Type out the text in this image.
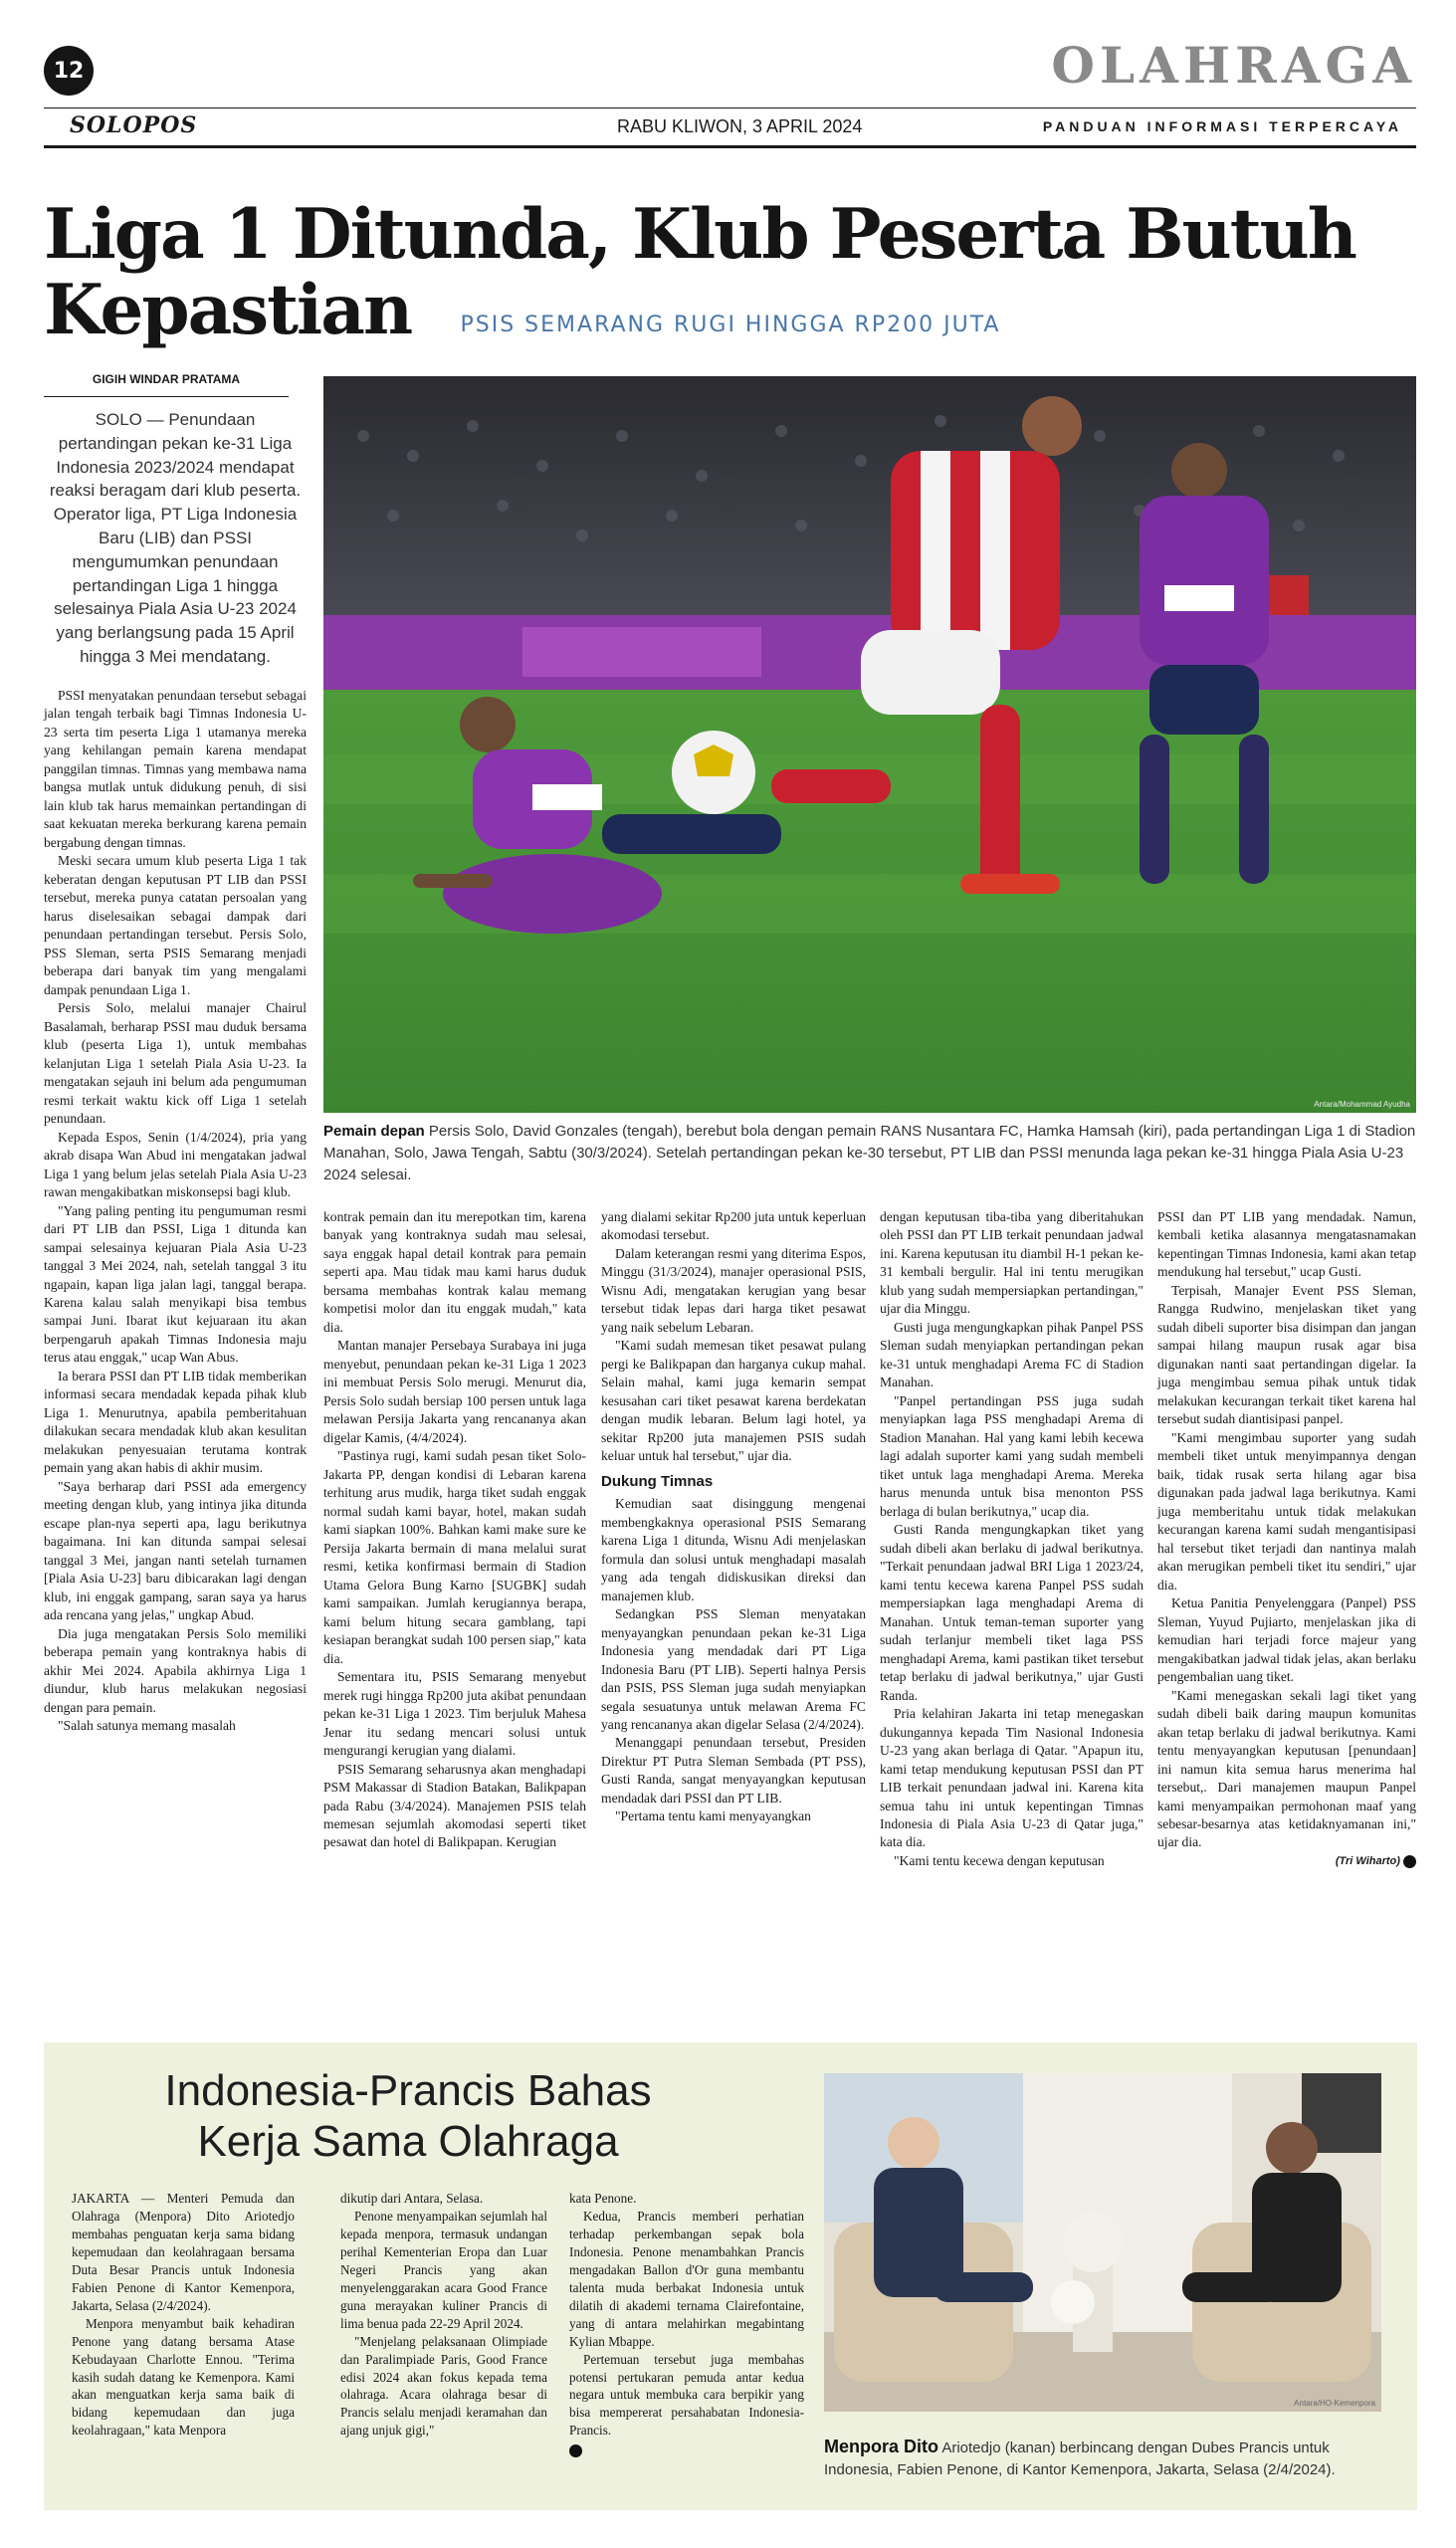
12	OLAHRAGA
SOLOPOS	RABU KLIWON, 3 APRIL 2024	PANDUAN INFORMASI TERPERCAYA
Liga 1 Ditunda, Klub Peserta Butuh Kepastian	PSIS SEMARANG RUGI HINGGA RP200 JUTA
GIGIH WINDAR PRATAMA
SOLO — Penundaan pertandingan pekan ke-31 Liga Indonesia 2023/2024 mendapat reaksi beragam dari klub peserta. Operator liga, PT Liga Indonesia Baru (LIB) dan PSSI mengumumkan penundaan pertandingan Liga 1 hingga selesainya Piala Asia U-23 2024 yang berlangsung pada 15 April hingga 3 Mei mendatang.
Antara/Mohammad Ayudha
Pemain depan Persis Solo, David Gonzales (tengah), berebut bola dengan pemain RANS Nusantara FC, Hamka Hamsah (kiri), pada pertandingan Liga 1 di Stadion Manahan, Solo, Jawa Tengah, Sabtu (30/3/2024). Setelah pertandingan pekan ke-30 tersebut, PT LIB dan PSSI menunda laga pekan ke-31 hingga Piala Asia U-23 2024 selesai.

PSSI menyatakan penundaan tersebut sebagai jalan tengah terbaik bagi Timnas Indonesia U-23 serta tim peserta Liga 1 utamanya mereka yang kehilangan pemain karena mendapat panggilan timnas. Timnas yang membawa nama bangsa mutlak untuk didukung penuh, di sisi lain klub tak harus memainkan pertandingan di saat kekuatan mereka berkurang karena pemain bergabung dengan timnas.

Meski secara umum klub peserta Liga 1 tak keberatan dengan keputusan PT LIB dan PSSI tersebut, mereka punya catatan persoalan yang harus diselesaikan sebagai dampak dari penundaan pertandingan tersebut. Persis Solo, PSS Sleman, serta PSIS Semarang menjadi beberapa dari banyak tim yang mengalami dampak penundaan Liga 1.

Persis Solo, melalui manajer Chairul Basalamah, berharap PSSI mau duduk bersama klub (peserta Liga 1), untuk membahas kelanjutan Liga 1 setelah Piala Asia U-23. Ia mengatakan sejauh ini belum ada pengumuman resmi terkait waktu kick off Liga 1 setelah penundaan.

Kepada Espos, Senin (1/4/2024), pria yang akrab disapa Wan Abud ini mengatakan jadwal Liga 1 yang belum jelas setelah Piala Asia U-23 rawan mengakibatkan miskonsepsi bagi klub.

"Yang paling penting itu pengumuman resmi dari PT LIB dan PSSI, Liga 1 ditunda kan sampai selesainya kejuaran Piala Asia U-23 tanggal 3 Mei 2024, nah, setelah tanggal 3 itu ngapain, kapan liga jalan lagi, tanggal berapa. Karena kalau salah menyikapi bisa tembus sampai Juni. Ibarat ikut kejuaraan itu akan berpengaruh apakah Timnas Indonesia maju terus atau enggak," ucap Wan Abus.

Ia berara PSSI dan PT LIB tidak memberikan informasi secara mendadak kepada pihak klub Liga 1. Menurutnya, apabila pemberitahuan dilakukan secara mendadak klub akan kesulitan melakukan penyesuaian terutama kontrak pemain yang akan habis di akhir musim.

"Saya berharap dari PSSI ada emergency meeting dengan klub, yang intinya jika ditunda escape plan-nya seperti apa, lagu berikutnya bagaimana. Ini kan ditunda sampai selesai tanggal 3 Mei, jangan nanti setelah turnamen [Piala Asia U-23] baru dibicarakan lagi dengan klub, ini enggak gampang, saran saya ya harus ada rencana yang jelas," ungkap Abud.

Dia juga mengatakan Persis Solo memiliki beberapa pemain yang kontraknya habis di akhir Mei 2024. Apabila akhirnya Liga 1 diundur, klub harus melakukan negosiasi dengan para pemain.

"Salah satunya memang masalah

kontrak pemain dan itu merepotkan tim, karena banyak yang kontraknya sudah mau selesai, saya enggak hapal detail kontrak para pemain seperti apa. Mau tidak mau kami harus duduk bersama membahas kontrak kalau memang kompetisi molor dan itu enggak mudah," kata dia.

Mantan manajer Persebaya Surabaya ini juga menyebut, penundaan pekan ke-31 Liga 1 2023 ini membuat Persis Solo merugi. Menurut dia, Persis Solo sudah bersiap 100 persen untuk laga melawan Persija Jakarta yang rencananya akan digelar Kamis, (4/4/2024).

"Pastinya rugi, kami sudah pesan tiket Solo-Jakarta PP, dengan kondisi di Lebaran karena terhitung arus mudik, harga tiket sudah enggak normal sudah kami bayar, hotel, makan sudah kami siapkan 100%. Bahkan kami make sure ke Persija Jakarta bermain di mana melalui surat resmi, ketika konfirmasi bermain di Stadion Utama Gelora Bung Karno [SUGBK] sudah kami sampaikan. Jumlah kerugiannya berapa, kami belum hitung secara gamblang, tapi kesiapan berangkat sudah 100 persen siap," kata dia.

Sementara itu, PSIS Semarang menyebut merek rugi hingga Rp200 juta akibat penundaan pekan ke-31 Liga 1 2023. Tim berjuluk Mahesa Jenar itu sedang mencari solusi untuk mengurangi kerugian yang dialami.

PSIS Semarang seharusnya akan menghadapi PSM Makassar di Stadion Batakan, Balikpapan pada Rabu (3/4/2024). Manajemen PSIS telah memesan sejumlah akomodasi seperti tiket pesawat dan hotel di Balikpapan. Kerugian

yang dialami sekitar Rp200 juta untuk keperluan akomodasi tersebut.

Dalam keterangan resmi yang diterima Espos, Minggu (31/3/2024), manajer operasional PSIS, Wisnu Adi, mengatakan kerugian yang besar tersebut tidak lepas dari harga tiket pesawat yang naik sebelum Lebaran.

"Kami sudah memesan tiket pesawat pulang pergi ke Balikpapan dan harganya cukup mahal. Selain mahal, kami juga kemarin sempat kesusahan cari tiket pesawat karena berdekatan dengan mudik lebaran. Belum lagi hotel, ya sekitar Rp200 juta manajemen PSIS sudah keluar untuk hal tersebut," ujar dia.

Dukung Timnas

Kemudian saat disinggung mengenai membengkaknya operasional PSIS Semarang karena Liga 1 ditunda, Wisnu Adi menjelaskan formula dan solusi untuk menghadapi masalah yang ada tengah didiskusikan direksi dan manajemen klub.

Sedangkan PSS Sleman menyatakan menyayangkan penundaan pekan ke-31 Liga Indonesia yang mendadak dari PT Liga Indonesia Baru (PT LIB). Seperti halnya Persis dan PSIS, PSS Sleman juga sudah menyiapkan segala sesuatunya untuk melawan Arema FC yang rencananya akan digelar Selasa (2/4/2024).

Menanggapi penundaan tersebut, Presiden Direktur PT Putra Sleman Sembada (PT PSS), Gusti Randa, sangat menyayangkan keputusan mendadak dari PSSI dan PT LIB.

"Pertama tentu kami menyayangkan

dengan keputusan tiba-tiba yang diberitahukan oleh PSSI dan PT LIB terkait penundaan jadwal ini. Karena keputusan itu diambil H-1 pekan ke-31 kembali bergulir. Hal ini tentu merugikan klub yang sudah mempersiapkan pertandingan," ujar dia Minggu.

Gusti juga mengungkapkan pihak Panpel PSS Sleman sudah menyiapkan pertandingan pekan ke-31 untuk menghadapi Arema FC di Stadion Manahan.

"Panpel pertandingan PSS juga sudah menyiapkan laga PSS menghadapi Arema di Stadion Manahan. Hal yang kami lebih kecewa lagi adalah suporter kami yang sudah membeli tiket untuk laga menghadapi Arema. Mereka harus menunda untuk bisa menonton PSS berlaga di bulan berikutnya," ucap dia.

Gusti Randa mengungkapkan tiket yang sudah dibeli akan berlaku di jadwal berikutnya. "Terkait penundaan jadwal BRI Liga 1 2023/24, kami tentu kecewa karena Panpel PSS sudah mempersiapkan laga menghadapi Arema di Manahan. Untuk teman-teman suporter yang sudah terlanjur membeli tiket laga PSS menghadapi Arema, kami pastikan tiket tersebut tetap berlaku di jadwal berikutnya," ujar Gusti Randa.

Pria kelahiran Jakarta ini tetap menegaskan dukungannya kepada Tim Nasional Indonesia U-23 yang akan berlaga di Qatar. "Apapun itu, kami tetap mendukung keputusan PSSI dan PT LIB terkait penundaan jadwal ini. Karena kita semua tahu ini untuk kepentingan Timnas Indonesia di Piala Asia U-23 di Qatar juga," kata dia.

"Kami tentu kecewa dengan keputusan

PSSI dan PT LIB yang mendadak. Namun, kembali ketika alasannya mengatasnamakan kepentingan Timnas Indonesia, kami akan tetap mendukung hal tersebut," ucap Gusti.

Terpisah, Manajer Event PSS Sleman, Rangga Rudwino, menjelaskan tiket yang sudah dibeli suporter bisa disimpan dan jangan sampai hilang maupun rusak agar bisa digunakan nanti saat pertandingan digelar. Ia juga mengimbau semua pihak untuk tidak melakukan kecurangan terkait tiket karena hal tersebut sudah diantisipasi panpel.

"Kami mengimbau suporter yang sudah membeli tiket untuk menyimpannya dengan baik, tidak rusak serta hilang agar bisa digunakan pada jadwal laga berikutnya. Kami juga memberitahu untuk tidak melakukan kecurangan karena kami sudah mengantisipasi hal tersebut tiket terjadi dan nantinya malah akan merugikan pembeli tiket itu sendiri," ujar dia.

Ketua Panitia Penyelenggara (Panpel) PSS Sleman, Yuyud Pujiarto, menjelaskan jika di kemudian hari terjadi force majeur yang mengakibatkan jadwal tidak jelas, akan berlaku pengembalian uang tiket.

"Kami menegaskan sekali lagi tiket yang sudah dibeli baik daring maupun komunitas akan tetap berlaku di jadwal berikutnya. Kami tentu menyayangkan keputusan [penundaan] ini namun kita semua harus menerima hal tersebut,. Dari manajemen maupun Panpel kami menyampaikan permohonan maaf yang sebesar-besarnya atas ketidaknyamanan ini," ujar dia.

(Tri Wiharto)

Indonesia-Prancis Bahas Kerja Sama Olahraga

JAKARTA — Menteri Pemuda dan Olahraga (Menpora) Dito Ariotedjo membahas penguatan kerja sama bidang kepemudaan dan keolahragaan bersama Duta Besar Prancis untuk Indonesia Fabien Penone di Kantor Kemenpora, Jakarta, Selasa (2/4/2024).

Menpora menyambut baik kehadiran Penone yang datang bersama Atase Kebudayaan Charlotte Ennou. "Terima kasih sudah datang ke Kemenpora. Kami akan menguatkan kerja sama baik di bidang kepemudaan dan juga keolahragaan," kata Menpora

dikutip dari Antara, Selasa.

Penone menyampaikan sejumlah hal kepada menpora, termasuk undangan perihal Kementerian Eropa dan Luar Negeri Prancis yang akan menyelenggarakan acara Good France guna merayakan kuliner Prancis di lima benua pada 22-29 April 2024.

"Menjelang pelaksanaan Olimpiade dan Paralimpiade Paris, Good France edisi 2024 akan fokus kepada tema olahraga. Acara olahraga besar di Prancis selalu menjadi keramahan dan ajang unjuk gigi,"

kata Penone.

Kedua, Prancis memberi perhatian terhadap perkembangan sepak bola Indonesia. Penone menambahkan Prancis mengadakan Ballon d'Or guna membantu talenta muda berbakat Indonesia untuk dilatih di akademi ternama Clairefontaine, yang di antara melahirkan megabintang Kylian Mbappe.

Pertemuan tersebut juga membahas potensi pertukaran pemuda antar kedua negara untuk membuka cara berpikir yang bisa mempererat persahabatan Indonesia-Prancis.

Antara/HO-Kemenpora
Menpora Dito Ariotedjo (kanan) berbincang dengan Dubes Prancis untuk Indonesia, Fabien Penone, di Kantor Kemenpora, Jakarta, Selasa (2/4/2024).
